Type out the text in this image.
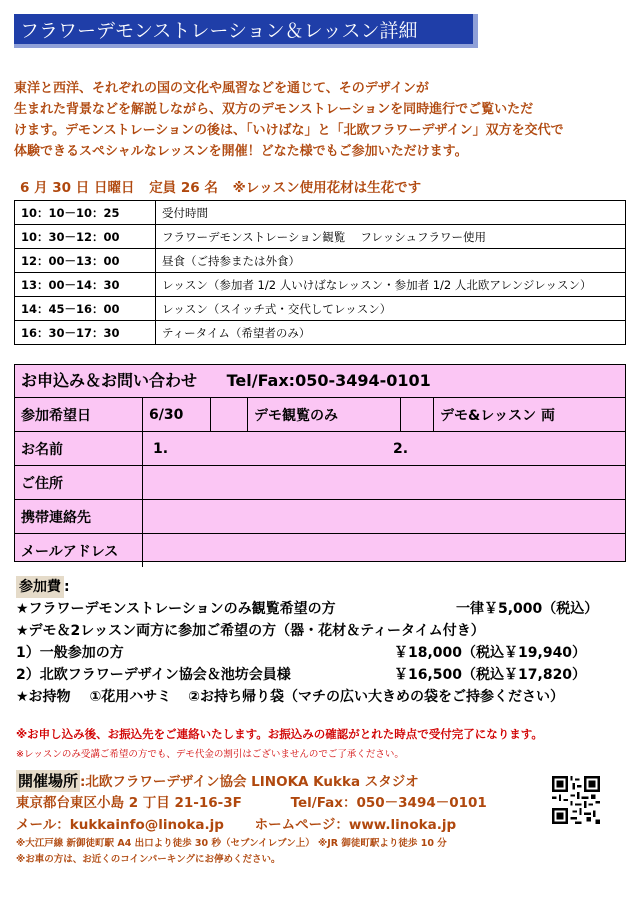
フラワーデモンストレーション＆レッスン詳細
東洋と西洋、それぞれの国の文化や風習などを通じて、そのデザインが
生まれた背景などを解説しながら、双方のデモンストレーションを同時進行でご覧いただ
けます。デモンストレーションの後は、「いけばな」と「北欧フラワーデザイン」双方を交代で
体験できるスペシャルなレッスンを開催！どなた様でもご参加いただけます。
6 月 30 日 日曜日 定員 26 名 ※レッスン使用花材は生花です
10：10－10：25	受付時間
10：30－12：00	フラワーデモンストレーション観覧　 フレッシュフラワー使用
12：00－13：00	昼食（ご持参または外食）
13：00－14：30	レッスン（参加者 1/2 人いけばなレッスン・参加者 1/2 人北欧アレンジレッスン）
14：45－16：00	レッスン（スイッチ式・交代してレッスン）
16：30－17：30	ティータイム（希望者のみ）
お申込み＆お問い合わせ Tel/Fax:050-3494-0101
参加希望日	6/30		デモ観覧のみ		デモ&レッスン 両
お名前	1. 2.				
ご住所					
携帯連絡先					
メールアドレス					
参加費 :
★フラワーデモンストレーションのみ観覧希望の方	一律￥5,000（税込）
★デモ＆2レッスン両方に参加ご希望の方（器・花材＆ティータイム付き）
1）一般参加の方	￥18,000（税込￥19,940）
2）北欧フラワーデザイン協会＆池坊会員様	￥16,500（税込￥17,820）
★お持物 ①花用ハサミ ②お持ち帰り袋（マチの広い大きめの袋をご持参ください）
※お申し込み後、お振込先をご連絡いたします。お振込みの確認がとれた時点で受付完了になります。
※レッスンのみ受講ご希望の方でも、デモ代金の割引はございませんのでご了承ください。
開催場所 :北欧フラワーデザイン協会 LINOKA Kukka スタジオ
東京都台東区小島 2 丁目 21-16-3F	Tel/Fax：050－3494－0101
メール：kukkainfo@linoka.jp ホームページ：www.linoka.jp
※大江戸線 新御徒町駅 A4 出口より徒歩 30 秒（セブンイレブン上） ※JR 御徒町駅より徒歩 10 分
※お車の方は、お近くのコインパーキングにお停めください。
